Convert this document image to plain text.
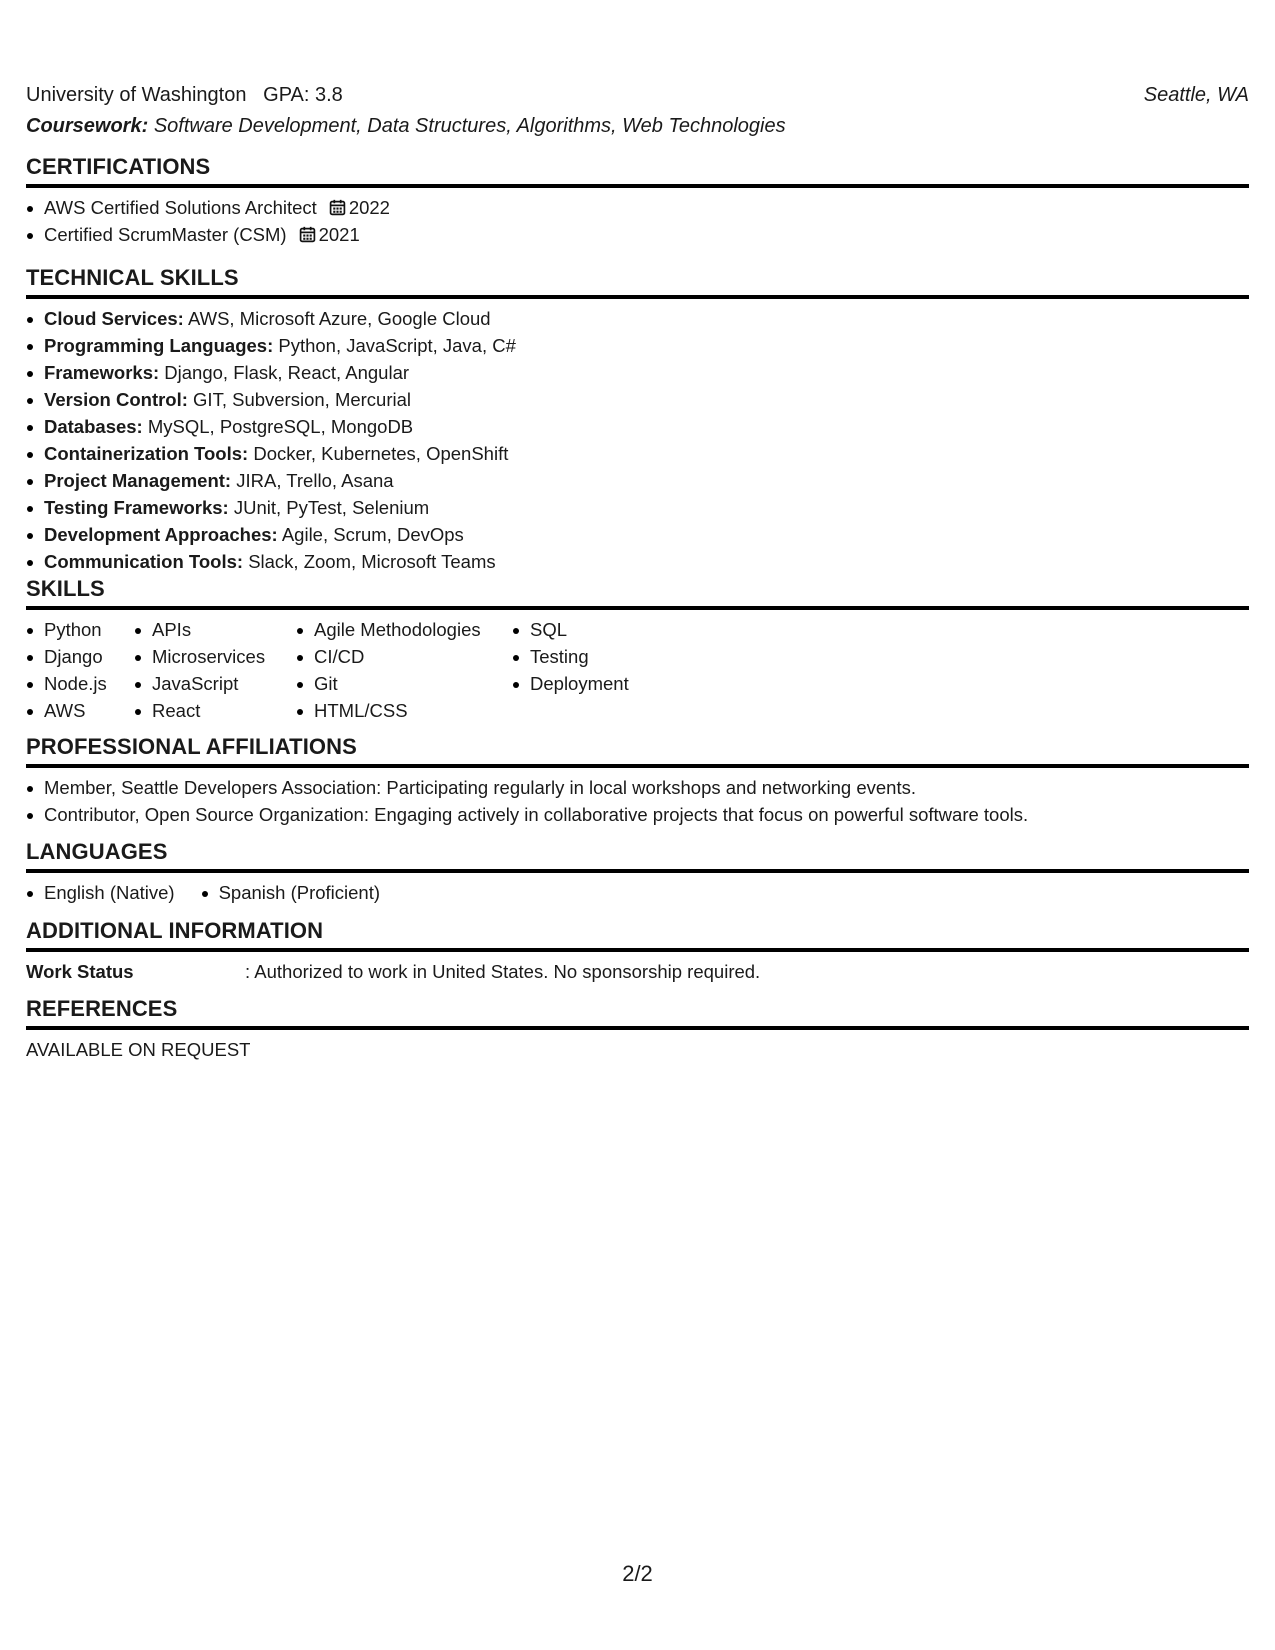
University of Washington GPA: 3.8	Seattle, WA
Coursework: Software Development, Data Structures, Algorithms, Web Technologies
CERTIFICATIONS
AWS Certified Solutions Architect 2022
Certified ScrumMaster (CSM) 2021
TECHNICAL SKILLS
Cloud Services: AWS, Microsoft Azure, Google Cloud
Programming Languages: Python, JavaScript, Java, C#
Frameworks: Django, Flask, React, Angular
Version Control: GIT, Subversion, Mercurial
Databases: MySQL, PostgreSQL, MongoDB
Containerization Tools: Docker, Kubernetes, OpenShift
Project Management: JIRA, Trello, Asana
Testing Frameworks: JUnit, PyTest, Selenium
Development Approaches: Agile, Scrum, DevOps
Communication Tools: Slack, Zoom, Microsoft Teams
SKILLS
Python
Django
Node.js
AWS
APIs
Microservices
JavaScript
React
Agile Methodologies
CI/CD
Git
HTML/CSS
SQL
Testing
Deployment
PROFESSIONAL AFFILIATIONS
Member, Seattle Developers Association: Participating regularly in local workshops and networking events.
Contributor, Open Source Organization: Engaging actively in collaborative projects that focus on powerful software tools.
LANGUAGES
English (Native)	Spanish (Proficient)
ADDITIONAL INFORMATION
Work Status	: Authorized to work in United States. No sponsorship required.
REFERENCES
AVAILABLE ON REQUEST
2/2
